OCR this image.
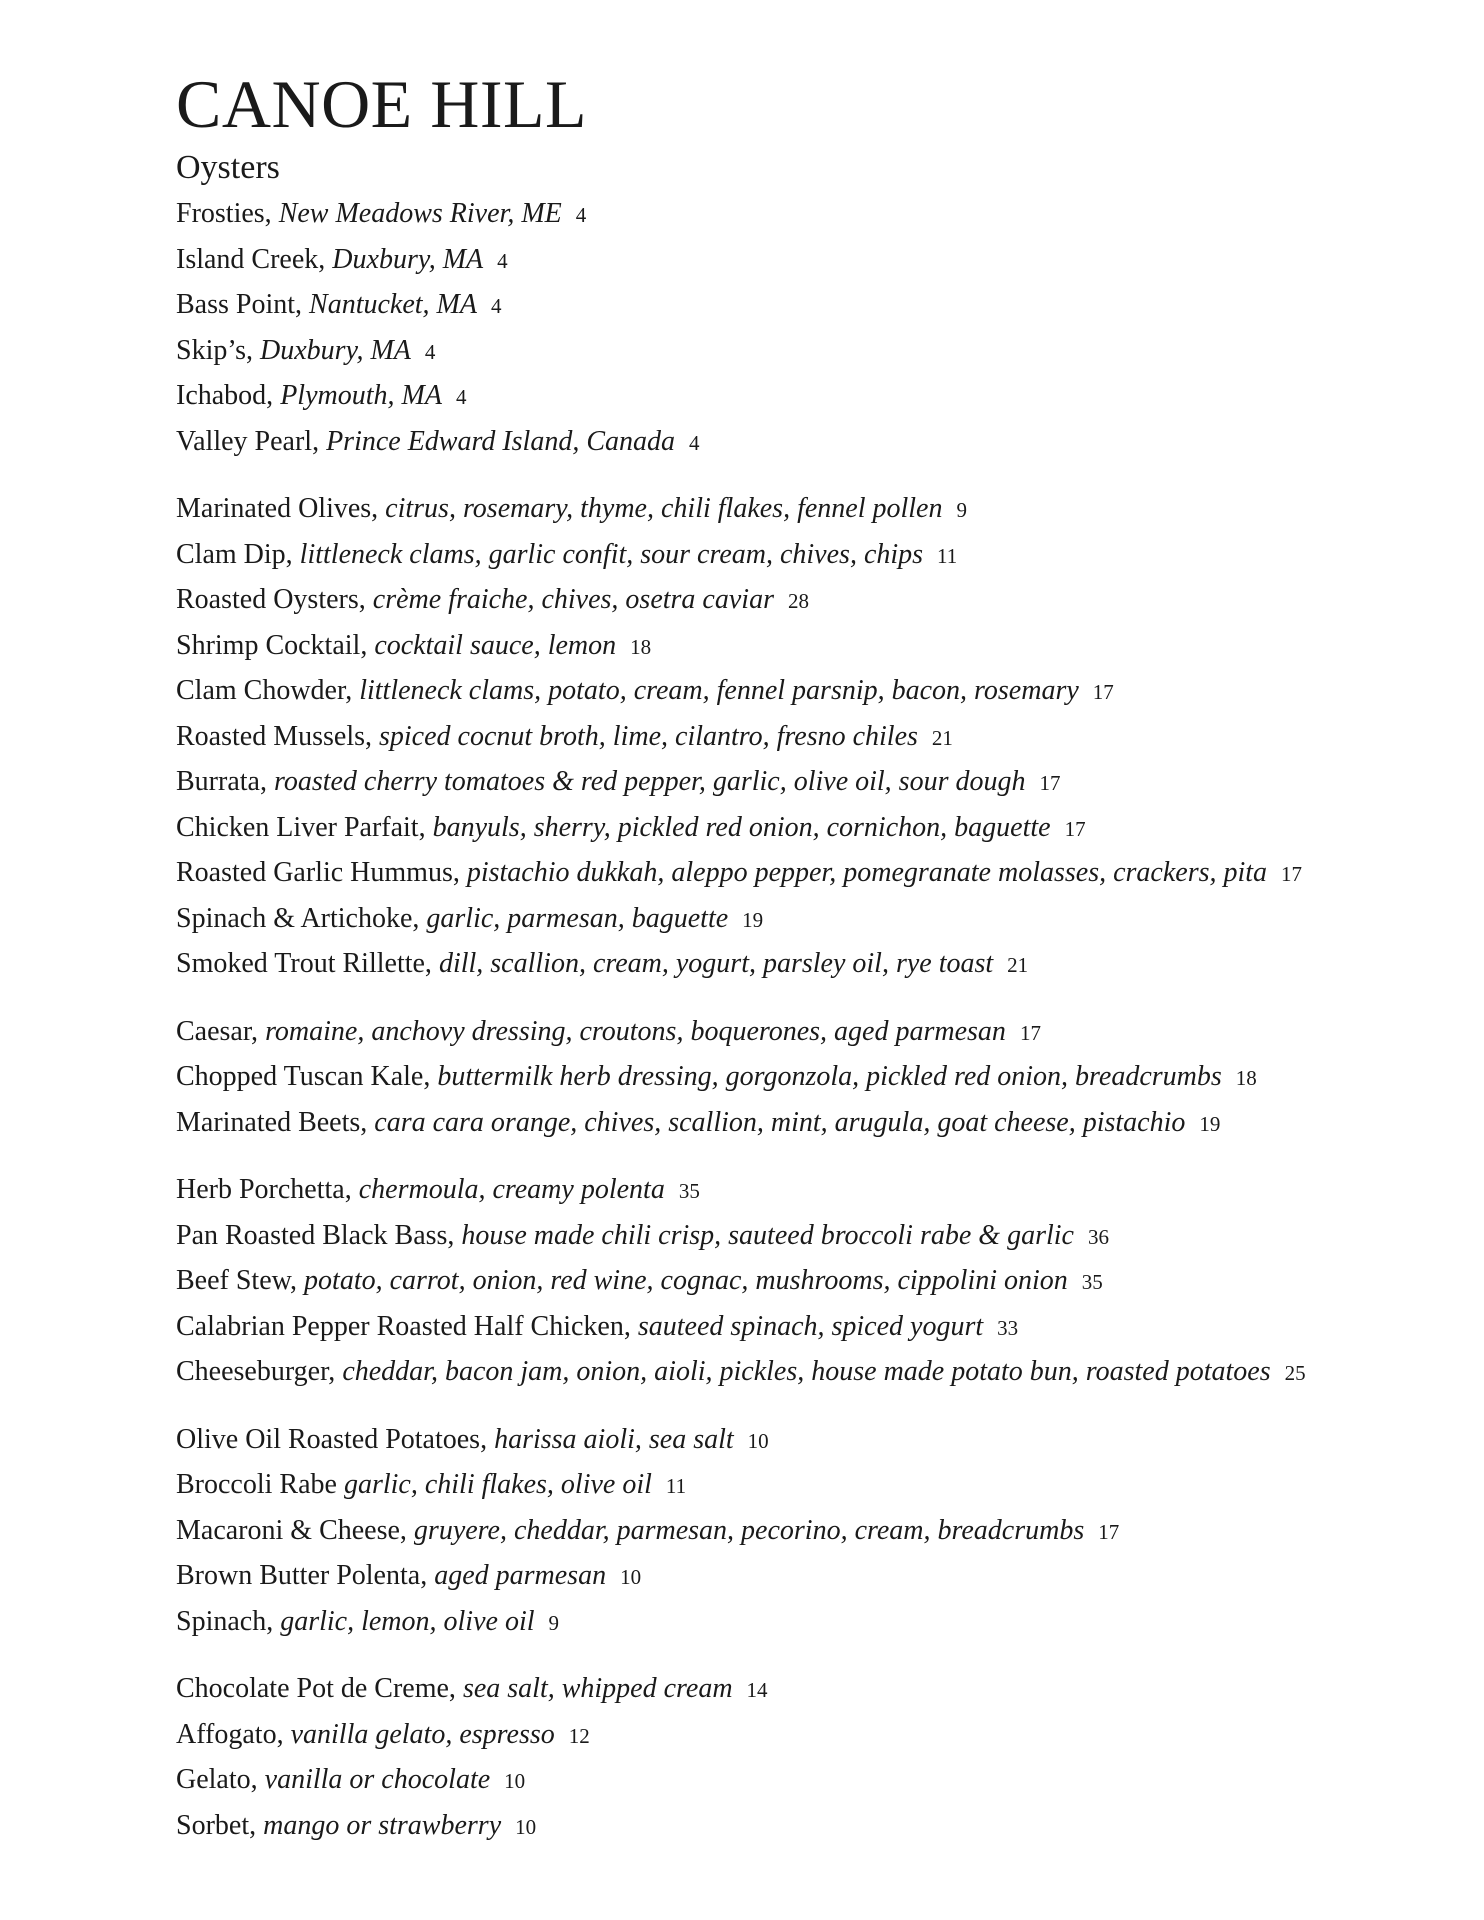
CANOE HILL
Oysters
Frosties, New Meadows River, ME 4
Island Creek, Duxbury, MA 4
Bass Point, Nantucket, MA 4
Skip’s, Duxbury, MA 4
Ichabod, Plymouth, MA 4
Valley Pearl, Prince Edward Island, Canada 4
Marinated Olives, citrus, rosemary, thyme, chili flakes, fennel pollen 9
Clam Dip, littleneck clams, garlic confit, sour cream, chives, chips 11
Roasted Oysters, crème fraiche, chives, osetra caviar 28
Shrimp Cocktail, cocktail sauce, lemon 18
Clam Chowder, littleneck clams, potato, cream, fennel parsnip, bacon, rosemary 17
Roasted Mussels, spiced cocnut broth, lime, cilantro, fresno chiles 21
Burrata, roasted cherry tomatoes & red pepper, garlic, olive oil, sour dough 17
Chicken Liver Parfait, banyuls, sherry, pickled red onion, cornichon, baguette 17
Roasted Garlic Hummus, pistachio dukkah, aleppo pepper, pomegranate molasses, crackers, pita 17
Spinach & Artichoke, garlic, parmesan, baguette 19
Smoked Trout Rillette, dill, scallion, cream, yogurt, parsley oil, rye toast 21
Caesar, romaine, anchovy dressing, croutons, boquerones, aged parmesan 17
Chopped Tuscan Kale, buttermilk herb dressing, gorgonzola, pickled red onion, breadcrumbs 18
Marinated Beets, cara cara orange, chives, scallion, mint, arugula, goat cheese, pistachio 19
Herb Porchetta, chermoula, creamy polenta 35
Pan Roasted Black Bass, house made chili crisp, sauteed broccoli rabe & garlic 36
Beef Stew, potato, carrot, onion, red wine, cognac, mushrooms, cippolini onion 35
Calabrian Pepper Roasted Half Chicken, sauteed spinach, spiced yogurt 33
Cheeseburger, cheddar, bacon jam, onion, aioli, pickles, house made potato bun, roasted potatoes 25
Olive Oil Roasted Potatoes, harissa aioli, sea salt 10
Broccoli Rabe garlic, chili flakes, olive oil 11
Macaroni & Cheese, gruyere, cheddar, parmesan, pecorino, cream, breadcrumbs 17
Brown Butter Polenta, aged parmesan 10
Spinach, garlic, lemon, olive oil 9
Chocolate Pot de Creme, sea salt, whipped cream 14
Affogato, vanilla gelato, espresso 12
Gelato, vanilla or chocolate 10
Sorbet, mango or strawberry 10
